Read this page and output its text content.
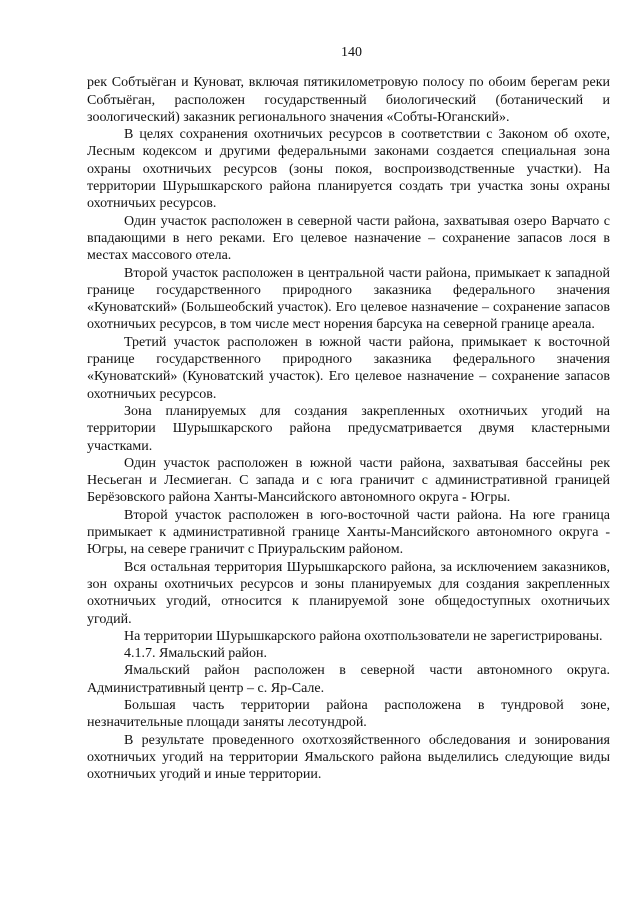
140

рек Собтыёган и Куноват, включая пятикилометровую полосу по обоим берегам реки Собтыёган, расположен государственный биологический (ботанический и зоологический) заказник регионального значения «Собты-Юганский».

В целях сохранения охотничьих ресурсов в соответствии с Законом об охоте, Лесным кодексом и другими федеральными законами создается специальная зона охраны охотничьих ресурсов (зоны покоя, воспроизводственные участки). На территории Шурышкарского района планируется создать три участка зоны охраны охотничьих ресурсов.

Один участок расположен в северной части района, захватывая озеро Варчато с впадающими в него реками. Его целевое назначение – сохранение запасов лося в местах массового отела.

Второй участок расположен в центральной части района, примыкает к западной границе государственного природного заказника федерального значения «Куноватский» (Большеобский участок). Его целевое назначение – сохранение запасов охотничьих ресурсов, в том числе мест норения барсука на северной границе ареала.

Третий участок расположен в южной части района, примыкает к восточной границе государственного природного заказника федерального значения «Куноватский» (Куноватский участок). Его целевое назначение – сохранение запасов охотничьих ресурсов.

Зона планируемых для создания закрепленных охотничьих угодий на территории Шурышкарского района предусматривается двумя кластерными участками.

Один участок расположен в южной части района, захватывая бассейны рек Несьеган и Лесмиеган. С запада и с юга граничит с административной границей Берёзовского района Ханты-Мансийского автономного округа - Югры.

Второй участок расположен в юго-восточной части района. На юге граница примыкает к административной границе Ханты-Мансийского автономного округа - Югры, на севере граничит с Приуральским районом.

Вся остальная территория Шурышкарского района, за исключением заказников, зон охраны охотничьих ресурсов и зоны планируемых для создания закрепленных охотничьих угодий, относится к планируемой зоне общедоступных охотничьих угодий.

На территории Шурышкарского района охотпользователи не зарегистрированы.

4.1.7. Ямальский район.

Ямальский район расположен в северной части автономного округа. Административный центр – с. Яр-Сале.

Большая часть территории района расположена в тундровой зоне, незначительные площади заняты лесотундрой.

В результате проведенного охотхозяйственного обследования и зонирования охотничьих угодий на территории Ямальского района выделились следующие виды охотничьих угодий и иные территории.
